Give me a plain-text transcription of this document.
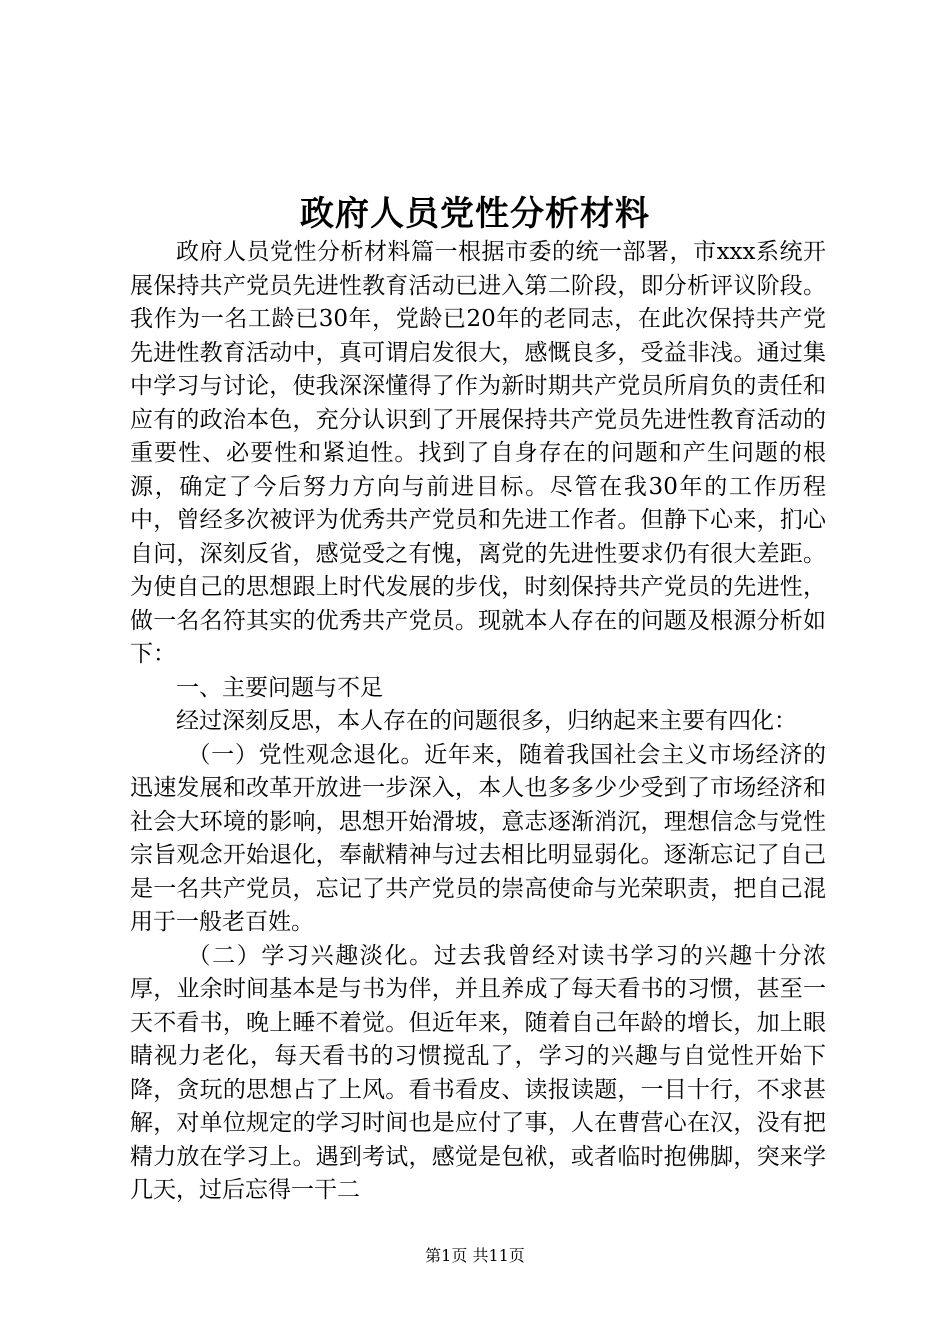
政府人员党性分析材料

政府人员党性分析材料篇一根据市委的统一部署，市xxx系统开展保持共产党员先进性教育活动已进入第二阶段，即分析评议阶段。我作为一名工龄已30年，党龄已20年的老同志，在此次保持共产党先进性教育活动中，真可谓启发很大，感慨良多，受益非浅。通过集中学习与讨论，使我深深懂得了作为新时期共产党员所肩负的责任和应有的政治本色，充分认识到了开展保持共产党员先进性教育活动的重要性、必要性和紧迫性。找到了自身存在的问题和产生问题的根源，确定了今后努力方向与前进目标。尽管在我30年的工作历程中，曾经多次被评为优秀共产党员和先进工作者。但静下心来，扪心自问，深刻反省，感觉受之有愧，离党的先进性要求仍有很大差距。为使自己的思想跟上时代发展的步伐，时刻保持共产党员的先进性，做一名名符其实的优秀共产党员。现就本人存在的问题及根源分析如下：

一、主要问题与不足

经过深刻反思，本人存在的问题很多，归纳起来主要有四化：

（一）党性观念退化。近年来，随着我国社会主义市场经济的迅速发展和改革开放进一步深入，本人也多多少少受到了市场经济和社会大环境的影响，思想开始滑坡，意志逐渐消沉，理想信念与党性宗旨观念开始退化，奉献精神与过去相比明显弱化。逐渐忘记了自己是一名共产党员，忘记了共产党员的崇高使命与光荣职责，把自己混用于一般老百姓。

（二）学习兴趣淡化。过去我曾经对读书学习的兴趣十分浓厚，业余时间基本是与书为伴，并且养成了每天看书的习惯，甚至一天不看书，晚上睡不着觉。但近年来，随着自己年龄的增长，加上眼睛视力老化，每天看书的习惯搅乱了，学习的兴趣与自觉性开始下降，贪玩的思想占了上风。看书看皮、读报读题，一目十行，不求甚解，对单位规定的学习时间也是应付了事，人在曹营心在汉，没有把精力放在学习上。遇到考试，感觉是包袱，或者临时抱佛脚，突来学几天，过后忘得一干二

第1页 共11页
